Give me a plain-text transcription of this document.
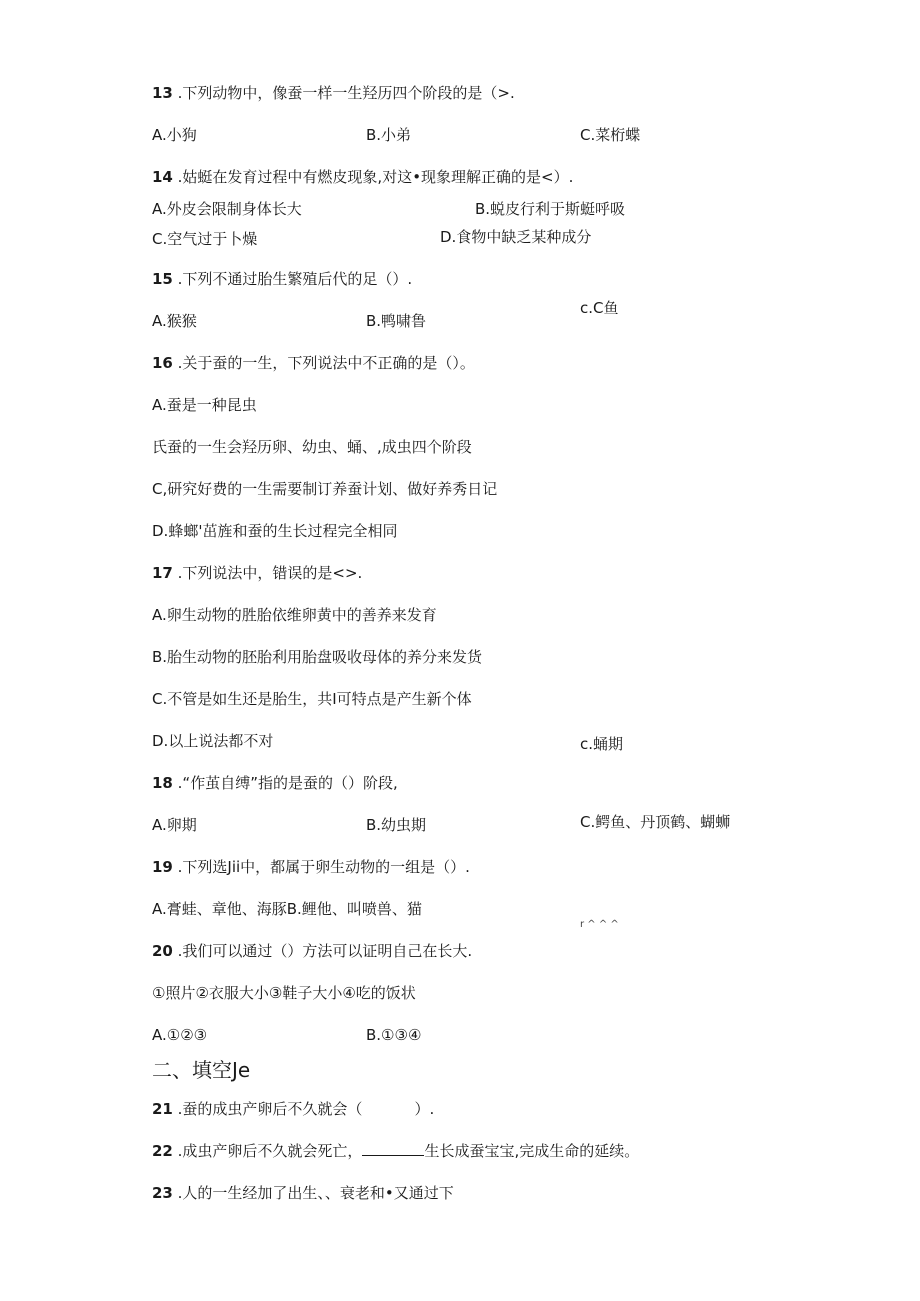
13 .下列动物中，像蚕一样一生羟历四个阶段的是（>.
A.小狗	B.小弟	C.菜桁蝶
14 .姑蜓在发育过程中有燃皮现象,对这•现象理解正确的是<）.
A.外皮会限制身体长大	B.蜕皮行利于斯蜓呼吸
C.空气过于卜燥	D.食物中缺乏某种成分
15 .下列不通过胎生繁殖后代的足（）.
A.猴猴	B.鸭啸鲁
c.C鱼
16 .关于蚕的一生，下列说法中不正确的是（）。
A.蚕是一种昆虫
氏蚕的一生会羟历卵、幼虫、蛹、,成虫四个阶段
C,研究好费的一生需要制订养蚕计划、做好养秀日记
D.蜂螂'茁旌和蚕的生长过程完全相同
17 .下列说法中，错误的是<>.
A.卵生动物的胜胎依维卵黄中的善养来发育
B.胎生动物的胚胎利用胎盘吸收母体的养分来发货
C.不管是如生还是胎生，共I可特点是产生新个体
D.以上说法都不对	c.蛹期
18 .“作茧自缚”指的是蚕的（）阶段,
A.卵期	B.幼虫期	C.鳄鱼、丹顶鹤、蝴蛳
19 .下列选Jii中，都属于卵生动物的一组是（）.
A.膏蛙、章他、海豚B.鲤他、叫喷兽、猫
r ^ ^ ^
20 .我们可以通过（）方法可以证明自己在长大.
①照片②衣服大小③鞋子大小④吃的饭状
A.①②③	B.①③④
二、填空Je
21 .蚕的成虫产卵后不久就会（	）.
22 .成虫产卵后不久就会死亡，	生长成蚕宝宝,完成生命的延续。
23 .人的一生经加了出生、、衰老和•又通过下
